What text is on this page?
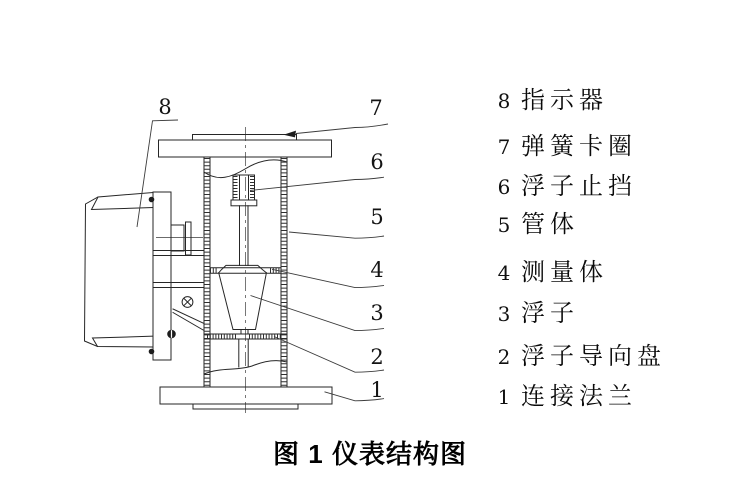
8	7
6
5
4
3
2
1
8 指示器
7 弹簧卡圈
6 浮子止挡
5 管体
4 测量体
3 浮子
2 浮子导向盘
1 连接法兰
图 1 仪表结构图
